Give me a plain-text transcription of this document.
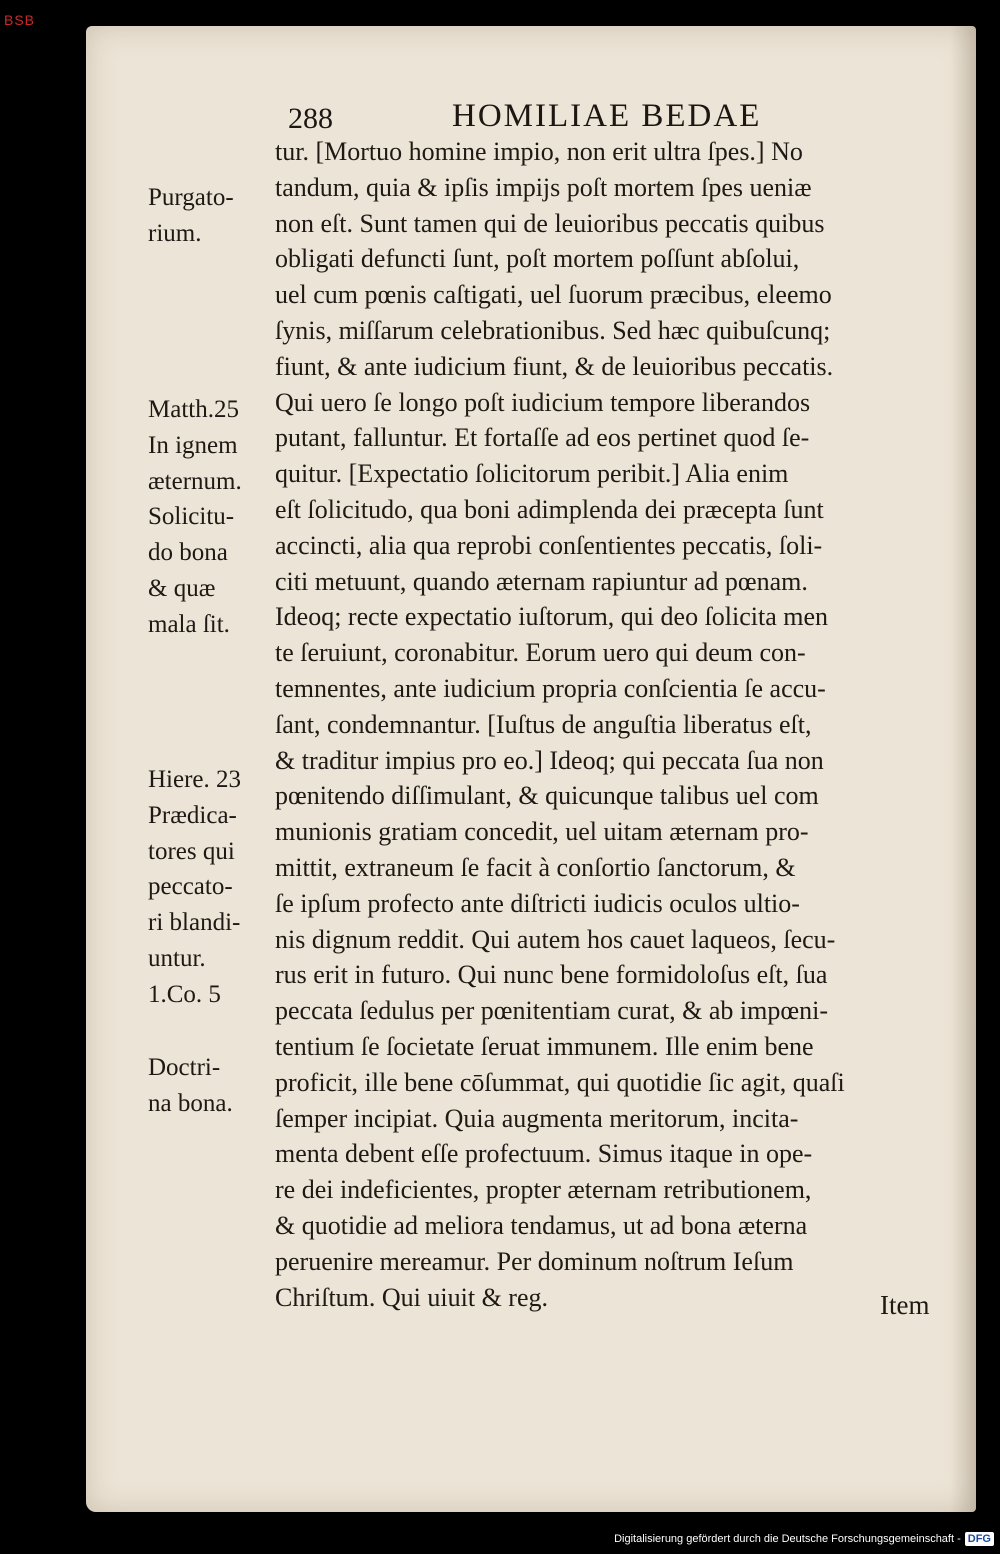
BSB
288	HOMILIAE BEDAE
tur. [Mortuo homine impio, non erit ultra ſpes.] No
tandum, quia & ipſis impijs poſt mortem ſpes ueniæ
non eſt. Sunt tamen qui de leuioribus peccatis quibus
obligati defuncti ſunt, poſt mortem poſſunt abſolui,
uel cum pœnis caſtigati, uel ſuorum præcibus, eleemo
ſynis, miſſarum celebrationibus. Sed hæc quibuſcunq;
fiunt, & ante iudicium fiunt, & de leuioribus peccatis.
Qui uero ſe longo poſt iudicium tempore liberandos
putant, falluntur. Et fortaſſe ad eos pertinet quod ſe-
quitur. [Expectatio ſolicitorum peribit.] Alia enim
eſt ſolicitudo, qua boni adimplenda dei præcepta ſunt
accincti, alia qua reprobi conſentientes peccatis, ſoli-
citi metuunt, quando æternam rapiuntur ad pœnam.
Ideoq; recte expectatio iuſtorum, qui deo ſolicita men
te ſeruiunt, coronabitur. Eorum uero qui deum con-
temnentes, ante iudicium propria conſcientia ſe accu-
ſant, condemnantur. [Iuſtus de anguſtia liberatus eſt,
& traditur impius pro eo.] Ideoq; qui peccata ſua non
pœnitendo diſſimulant, & quicunque talibus uel com
munionis gratiam concedit, uel uitam æternam pro-
mittit, extraneum ſe facit à conſortio ſanctorum, &
ſe ipſum profecto ante diſtricti iudicis oculos ultio-
nis dignum reddit. Qui autem hos cauet laqueos, ſecu-
rus erit in futuro. Qui nunc bene formidoloſus eſt, ſua
peccata ſedulus per pœnitentiam curat, & ab impœni-
tentium ſe ſocietate ſeruat immunem. Ille enim bene
proficit, ille bene cōſummat, qui quotidie ſic agit, quaſi
ſemper incipiat. Quia augmenta meritorum, incita-
menta debent eſſe profectuum. Simus itaque in ope-
re dei indeficientes, propter æternam retributionem,
& quotidie ad meliora tendamus, ut ad bona æterna
peruenire mereamur. Per dominum noſtrum Ieſum
Chriſtum. Qui uiuit & reg.
Purgato-
rium.
Matth.25
In ignem
æternum.
Solicitu-
do bona
& quæ
mala ſit.
Hiere. 23
Prædica-
tores qui
peccato-
ri blandi-
untur.
1.Co. 5
Doctri-
na bona.
Item
Digitalisierung gefördert durch die Deutsche Forschungsgemeinschaft - DFG
